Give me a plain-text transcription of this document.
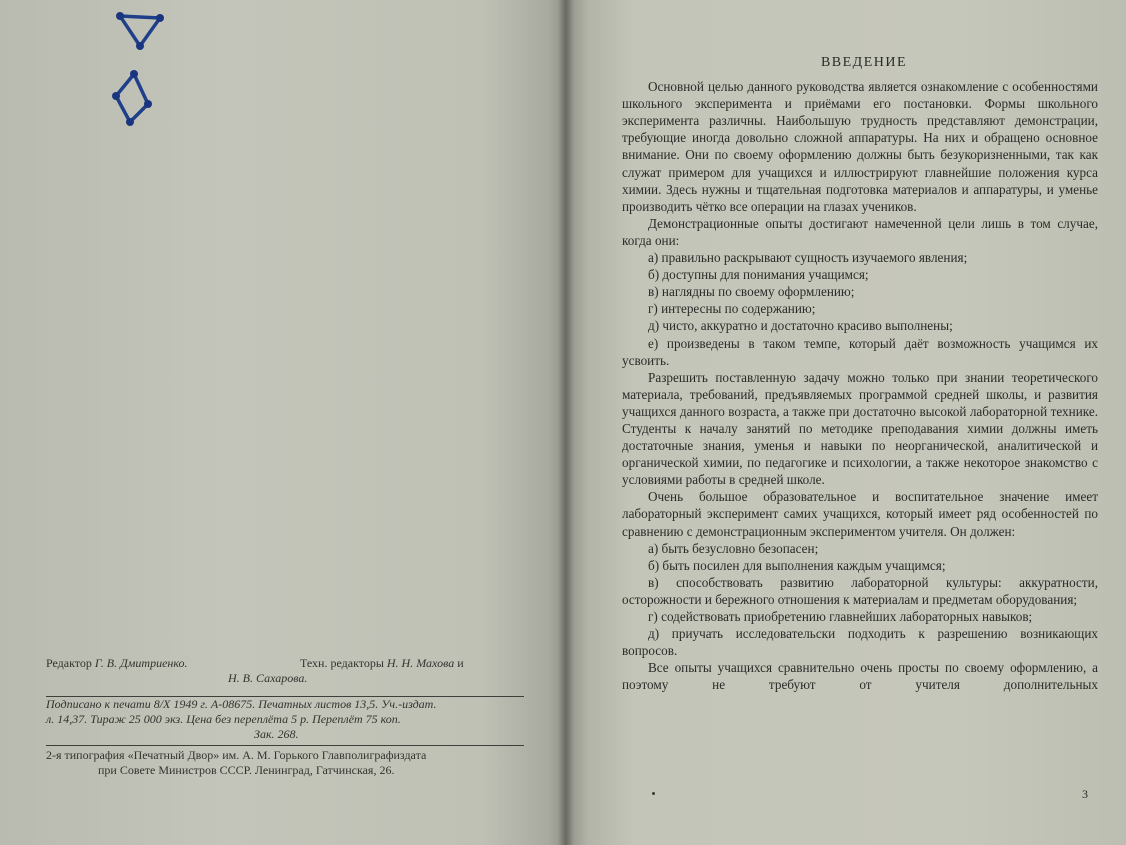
Редактор Г. В. Дмитриенко.	Техн. редакторы Н. Н. Махова и
Н. В. Сахарова.
Подписано к печати 8/X 1949 г. А-08675. Печатных листов 13,5. Уч.-издат.
л. 14,37. Тираж 25 000 экз. Цена без переплёта 5 р. Переплёт 75 коп.
Зак. 268.
2-я типография «Печатный Двор» им. А. М. Горького Главполиграфиздата
при Совете Министров СССР. Ленинград, Гатчинская, 26.
ВВЕДЕНИЕ

Основной целью данного руководства является ознакомление с особенностями школьного эксперимента и приёмами его постановки. Формы школьного эксперимента различны. Наибольшую трудность представляют демонстрации, требующие иногда довольно сложной аппаратуры. На них и обращено основное внимание. Они по своему оформлению должны быть безукоризненными, так как служат примером для учащихся и иллюстрируют главнейшие положения курса химии. Здесь нужны и тщательная подготовка материалов и аппаратуры, и уменье производить чётко все операции на глазах учеников.

Демонстрационные опыты достигают намеченной цели лишь в том случае, когда они:

а) правильно раскрывают сущность изучаемого явления;

б) доступны для понимания учащимся;

в) наглядны по своему оформлению;

г) интересны по содержанию;

д) чисто, аккуратно и достаточно красиво выполнены;

е) произведены в таком темпе, который даёт возможность учащимся их усвоить.

Разрешить поставленную задачу можно только при знании теоретического материала, требований, предъявляемых программой средней школы, и развития учащихся данного возраста, а также при достаточно высокой лабораторной технике. Студенты к началу занятий по методике преподавания химии должны иметь достаточные знания, уменья и навыки по неорганической, аналитической и органической химии, по педагогике и психологии, а также некоторое знакомство с условиями работы в средней школе.

Очень большое образовательное и воспитательное значение имеет лабораторный эксперимент самих учащихся, который имеет ряд особенностей по сравнению с демонстрационным экспериментом учителя. Он должен:

а) быть безусловно безопасен;

б) быть посилен для выполнения каждым учащимся;

в) способствовать развитию лабораторной культуры: аккуратности, осторожности и бережного отношения к материалам и предметам оборудования;

г) содействовать приобретению главнейших лабораторных навыков;

д) приучать исследовательски подходить к разрешению возникающих вопросов.

Все опыты учащихся сравнительно очень просты по своему оформлению, а поэтому не требуют от учителя дополнительных

3
